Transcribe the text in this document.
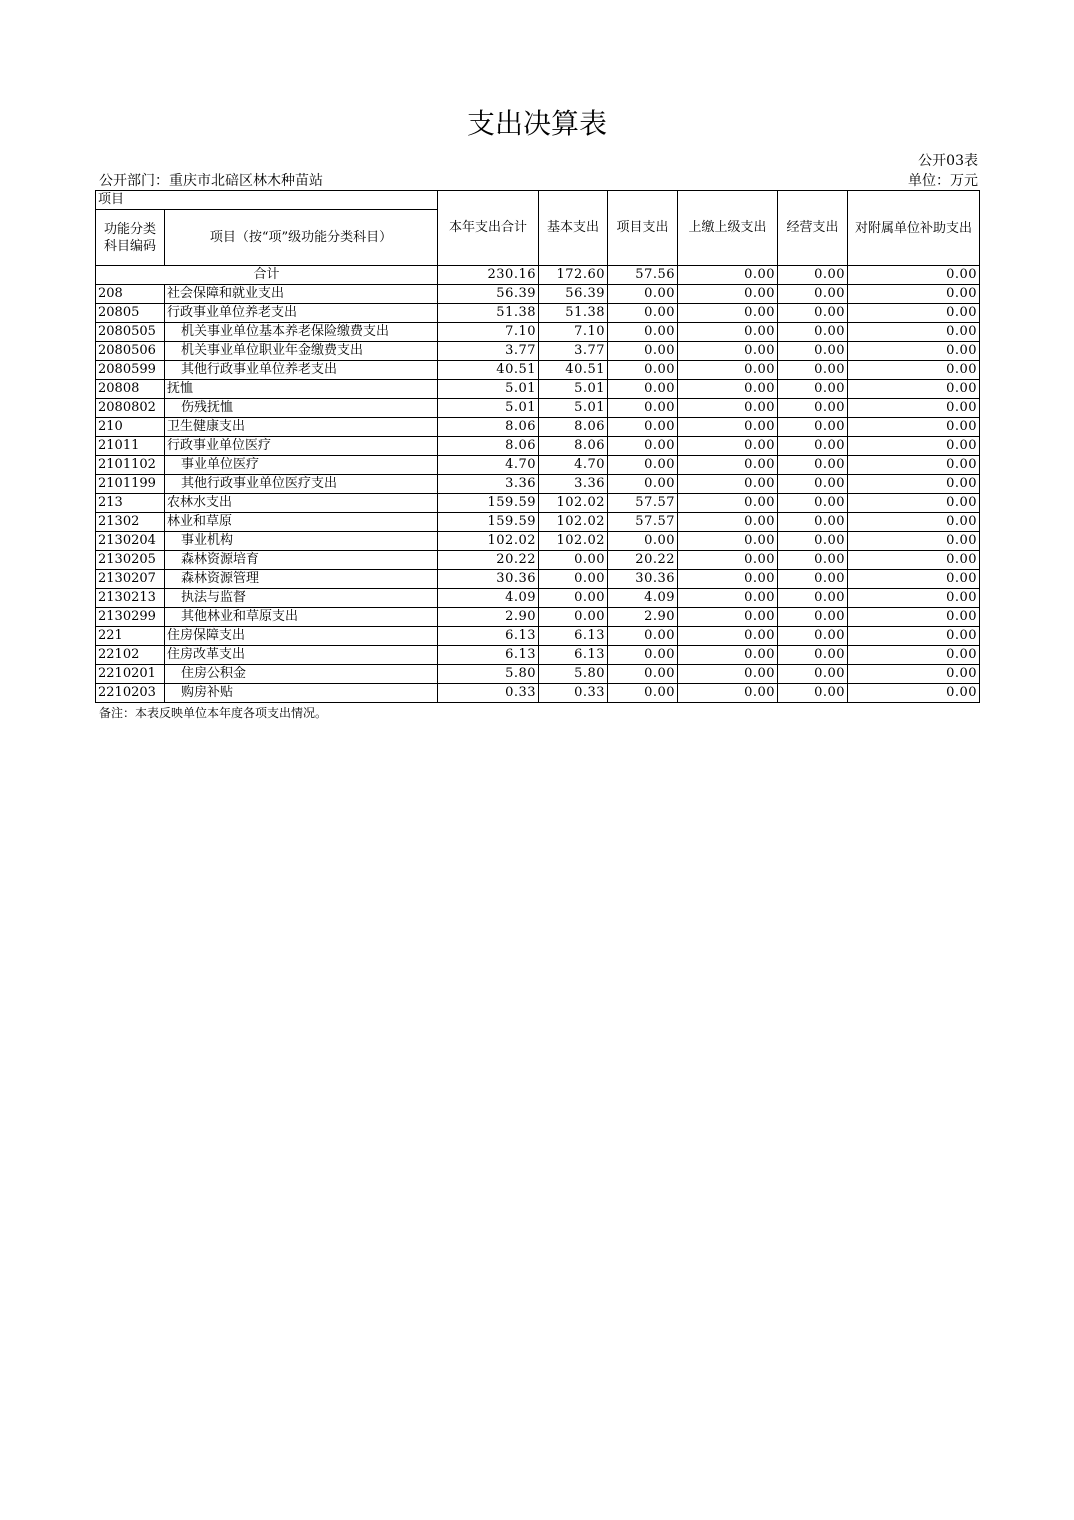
支出决算表
公开03表
公开部门：重庆市北碚区林木种苗站	单位：万元
项目		本年支出合计	基本支出	项目支出	上缴上级支出	经营支出	对附属单位补助支出
功能分类科目编码	项目（按“项”级功能分类科目）						
合计		230.16	172.60	57.56	0.00	0.00	0.00
208	社会保障和就业支出	56.39	56.39	0.00	0.00	0.00	0.00
20805	行政事业单位养老支出	51.38	51.38	0.00	0.00	0.00	0.00
2080505	机关事业单位基本养老保险缴费支出	7.10	7.10	0.00	0.00	0.00	0.00
2080506	机关事业单位职业年金缴费支出	3.77	3.77	0.00	0.00	0.00	0.00
2080599	其他行政事业单位养老支出	40.51	40.51	0.00	0.00	0.00	0.00
20808	抚恤	5.01	5.01	0.00	0.00	0.00	0.00
2080802	伤残抚恤	5.01	5.01	0.00	0.00	0.00	0.00
210	卫生健康支出	8.06	8.06	0.00	0.00	0.00	0.00
21011	行政事业单位医疗	8.06	8.06	0.00	0.00	0.00	0.00
2101102	事业单位医疗	4.70	4.70	0.00	0.00	0.00	0.00
2101199	其他行政事业单位医疗支出	3.36	3.36	0.00	0.00	0.00	0.00
213	农林水支出	159.59	102.02	57.57	0.00	0.00	0.00
21302	林业和草原	159.59	102.02	57.57	0.00	0.00	0.00
2130204	事业机构	102.02	102.02	0.00	0.00	0.00	0.00
2130205	森林资源培育	20.22	0.00	20.22	0.00	0.00	0.00
2130207	森林资源管理	30.36	0.00	30.36	0.00	0.00	0.00
2130213	执法与监督	4.09	0.00	4.09	0.00	0.00	0.00
2130299	其他林业和草原支出	2.90	0.00	2.90	0.00	0.00	0.00
221	住房保障支出	6.13	6.13	0.00	0.00	0.00	0.00
22102	住房改革支出	6.13	6.13	0.00	0.00	0.00	0.00
2210201	住房公积金	5.80	5.80	0.00	0.00	0.00	0.00
2210203	购房补贴	0.33	0.33	0.00	0.00	0.00	0.00
备注：本表反映单位本年度各项支出情况。
